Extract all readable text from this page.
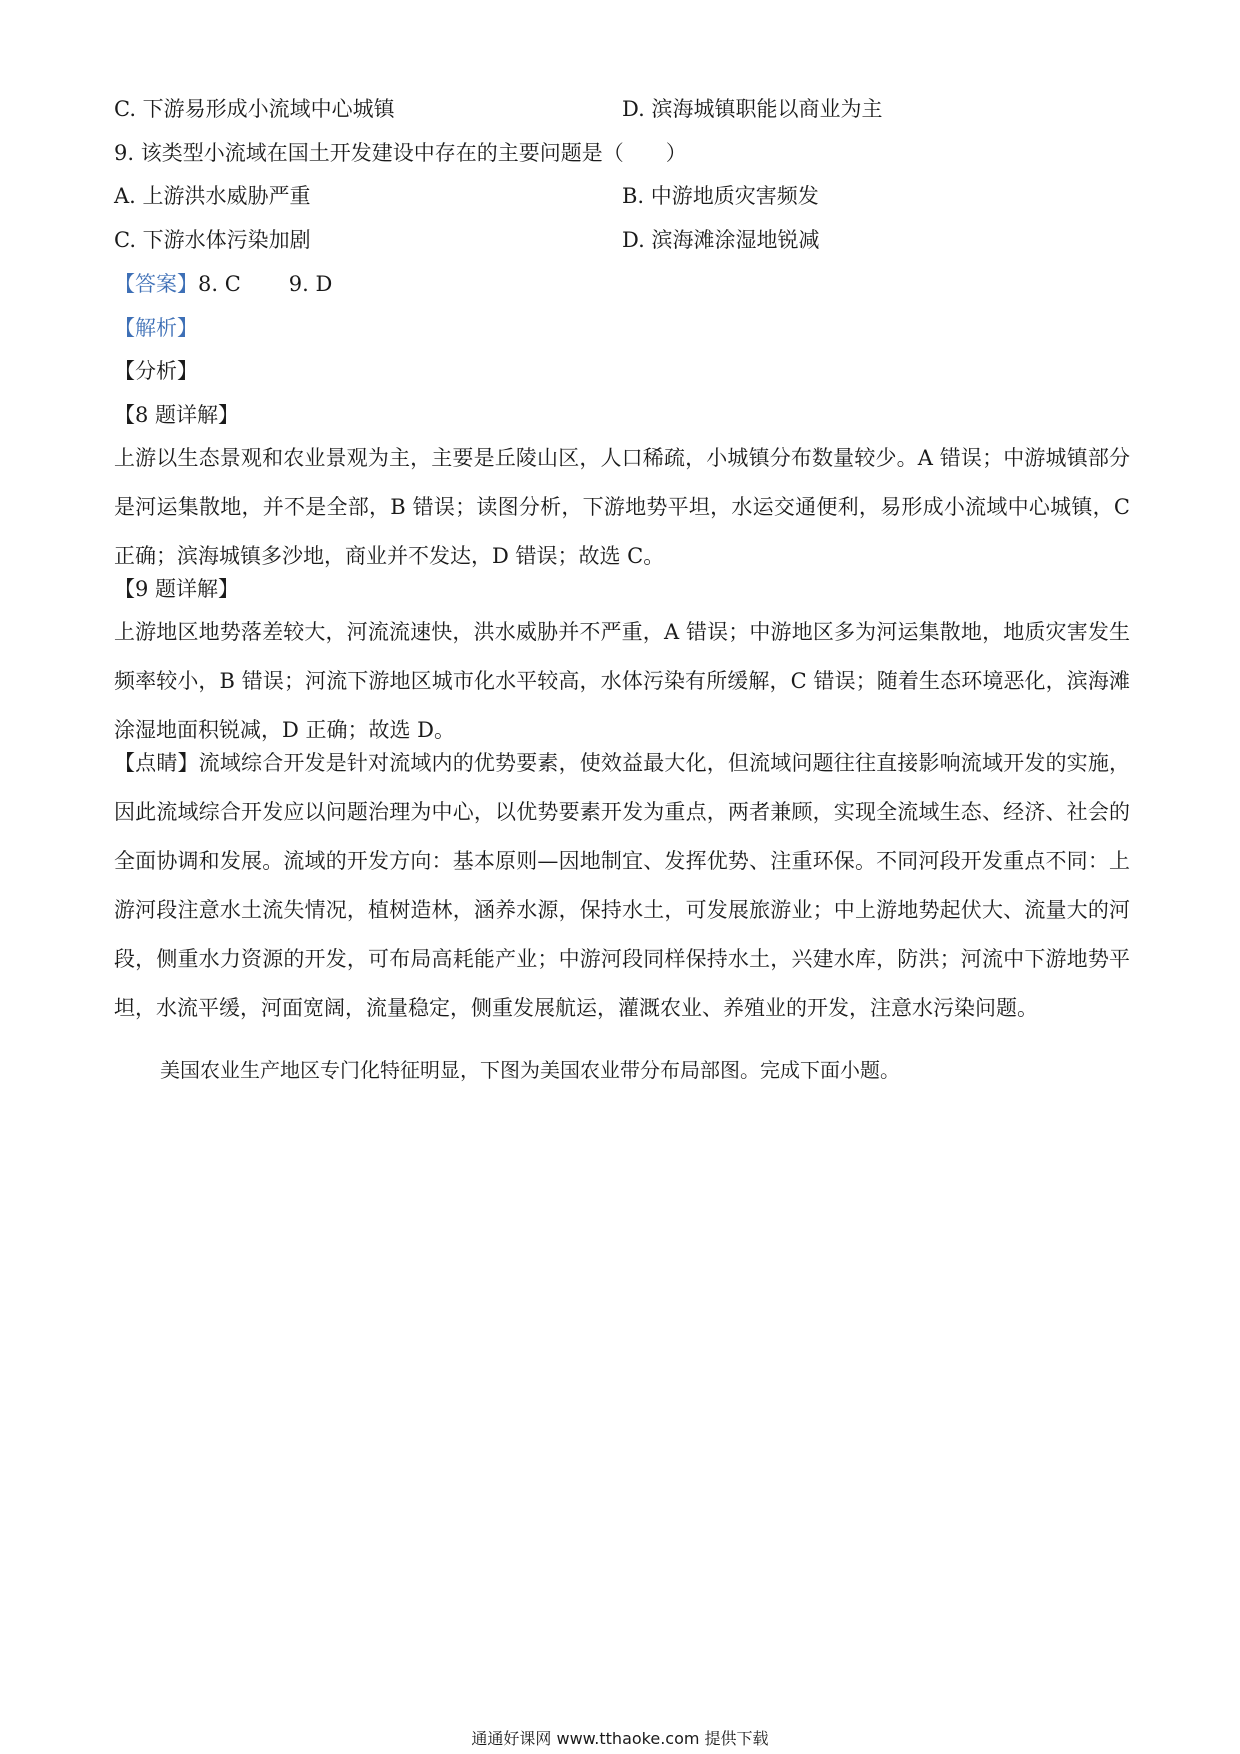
C. 下游易形成小流域中心城镇	D. 滨海城镇职能以商业为主
9. 该类型小流域在国土开发建设中存在的主要问题是（　　）
A. 上游洪水威胁严重	B. 中游地质灾害频发
C. 下游水体污染加剧	D. 滨海滩涂湿地锐减
【答案】8. C 9. D
【解析】
【分析】
【8 题详解】
上游以生态景观和农业景观为主，主要是丘陵山区，人口稀疏，小城镇分布数量较少。A 错误；中游城镇部分是河运集散地，并不是全部，B 错误；读图分析，下游地势平坦，水运交通便利，易形成小流域中心城镇，C 正确；滨海城镇多沙地，商业并不发达，D 错误；故选 C。
【9 题详解】
上游地区地势落差较大，河流流速快，洪水威胁并不严重，A 错误；中游地区多为河运集散地，地质灾害发生频率较小，B 错误；河流下游地区城市化水平较高，水体污染有所缓解，C 错误；随着生态环境恶化，滨海滩涂湿地面积锐减，D 正确；故选 D。
【点睛】流域综合开发是针对流域内的优势要素，使效益最大化，但流域问题往往直接影响流域开发的实施，因此流域综合开发应以问题治理为中心，以优势要素开发为重点，两者兼顾，实现全流域生态、经济、社会的全面协调和发展。流域的开发方向：基本原则—因地制宜、发挥优势、注重环保。不同河段开发重点不同：上游河段注意水土流失情况，植树造林，涵养水源，保持水土，可发展旅游业；中上游地势起伏大、流量大的河段，侧重水力资源的开发，可布局高耗能产业；中游河段同样保持水土，兴建水库，防洪；河流中下游地势平坦，水流平缓，河面宽阔，流量稳定，侧重发展航运，灌溉农业、养殖业的开发，注意水污染问题。
美国农业生产地区专门化特征明显，下图为美国农业带分布局部图。完成下面小题。
通通好课网 www.tthaoke.com 提供下载
